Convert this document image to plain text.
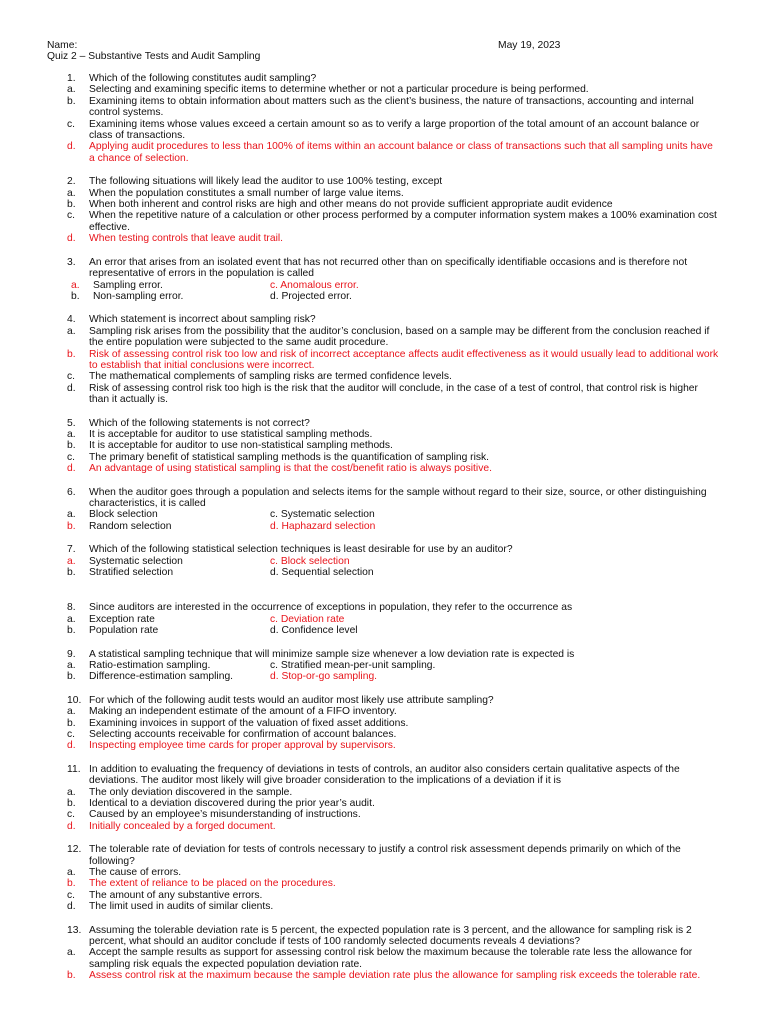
Name:	May 19, 2023
Quiz 2 – Substantive Tests and Audit Sampling
1. Which of the following constitutes audit sampling?
a. Selecting and examining specific items to determine whether or not a particular procedure is being performed.
b. Examining items to obtain information about matters such as the client’s business, the nature of transactions, accounting and internal control systems.
c. Examining items whose values exceed a certain amount so as to verify a large proportion of the total amount of an account balance or class of transactions.
d. Applying audit procedures to less than 100% of items within an account balance or class of transactions such that all sampling units have a chance of selection.
2. The following situations will likely lead the auditor to use 100% testing, except
a. When the population constitutes a small number of large value items.
b. When both inherent and control risks are high and other means do not provide sufficient appropriate audit evidence
c. When the repetitive nature of a calculation or other process performed by a computer information system makes a 100% examination cost effective.
d. When testing controls that leave audit trail.
3. An error that arises from an isolated event that has not recurred other than on specifically identifiable occasions and is therefore not representative of errors in the population is called
a. Sampling error.	c. Anomalous error.
b. Non-sampling error.	d. Projected error.
4. Which statement is incorrect about sampling risk?
a. Sampling risk arises from the possibility that the auditor’s conclusion, based on a sample may be different from the conclusion reached if the entire population were subjected to the same audit procedure.
b. Risk of assessing control risk too low and risk of incorrect acceptance affects audit effectiveness as it would usually lead to additional work to establish that initial conclusions were incorrect.
c. The mathematical complements of sampling risks are termed confidence levels.
d. Risk of assessing control risk too high is the risk that the auditor will conclude, in the case of a test of control, that control risk is higher than it actually is.
5. Which of the following statements is not correct?
a. It is acceptable for auditor to use statistical sampling methods.
b. It is acceptable for auditor to use non-statistical sampling methods.
c. The primary benefit of statistical sampling methods is the quantification of sampling risk.
d. An advantage of using statistical sampling is that the cost/benefit ratio is always positive.
6. When the auditor goes through a population and selects items for the sample without regard to their size, source, or other distinguishing characteristics, it is called
a. Block selection	c. Systematic selection
b. Random selection	d. Haphazard selection
7. Which of the following statistical selection techniques is least desirable for use by an auditor?
a. Systematic selection	c. Block selection
b. Stratified selection	d. Sequential selection
8. Since auditors are interested in the occurrence of exceptions in population, they refer to the occurrence as
a. Exception rate	c. Deviation rate
b. Population rate	d. Confidence level
9. A statistical sampling technique that will minimize sample size whenever a low deviation rate is expected is
a. Ratio-estimation sampling.	c. Stratified mean-per-unit sampling.
b. Difference-estimation sampling.	d. Stop-or-go sampling.
10. For which of the following audit tests would an auditor most likely use attribute sampling?
a. Making an independent estimate of the amount of a FIFO inventory.
b. Examining invoices in support of the valuation of fixed asset additions.
c. Selecting accounts receivable for confirmation of account balances.
d. Inspecting employee time cards for proper approval by supervisors.
11. In addition to evaluating the frequency of deviations in tests of controls, an auditor also considers certain qualitative aspects of the deviations. The auditor most likely will give broader consideration to the implications of a deviation if it is
a. The only deviation discovered in the sample.
b. Identical to a deviation discovered during the prior year’s audit.
c. Caused by an employee’s misunderstanding of instructions.
d. Initially concealed by a forged document.
12. The tolerable rate of deviation for tests of controls necessary to justify a control risk assessment depends primarily on which of the following?
a. The cause of errors.
b. The extent of reliance to be placed on the procedures.
c. The amount of any substantive errors.
d. The limit used in audits of similar clients.
13. Assuming the tolerable deviation rate is 5 percent, the expected population rate is 3 percent, and the allowance for sampling risk is 2 percent, what should an auditor conclude if tests of 100 randomly selected documents reveals 4 deviations?
a. Accept the sample results as support for assessing control risk below the maximum because the tolerable rate less the allowance for sampling risk equals the expected population deviation rate.
b. Assess control risk at the maximum because the sample deviation rate plus the allowance for sampling risk exceeds the tolerable rate.
